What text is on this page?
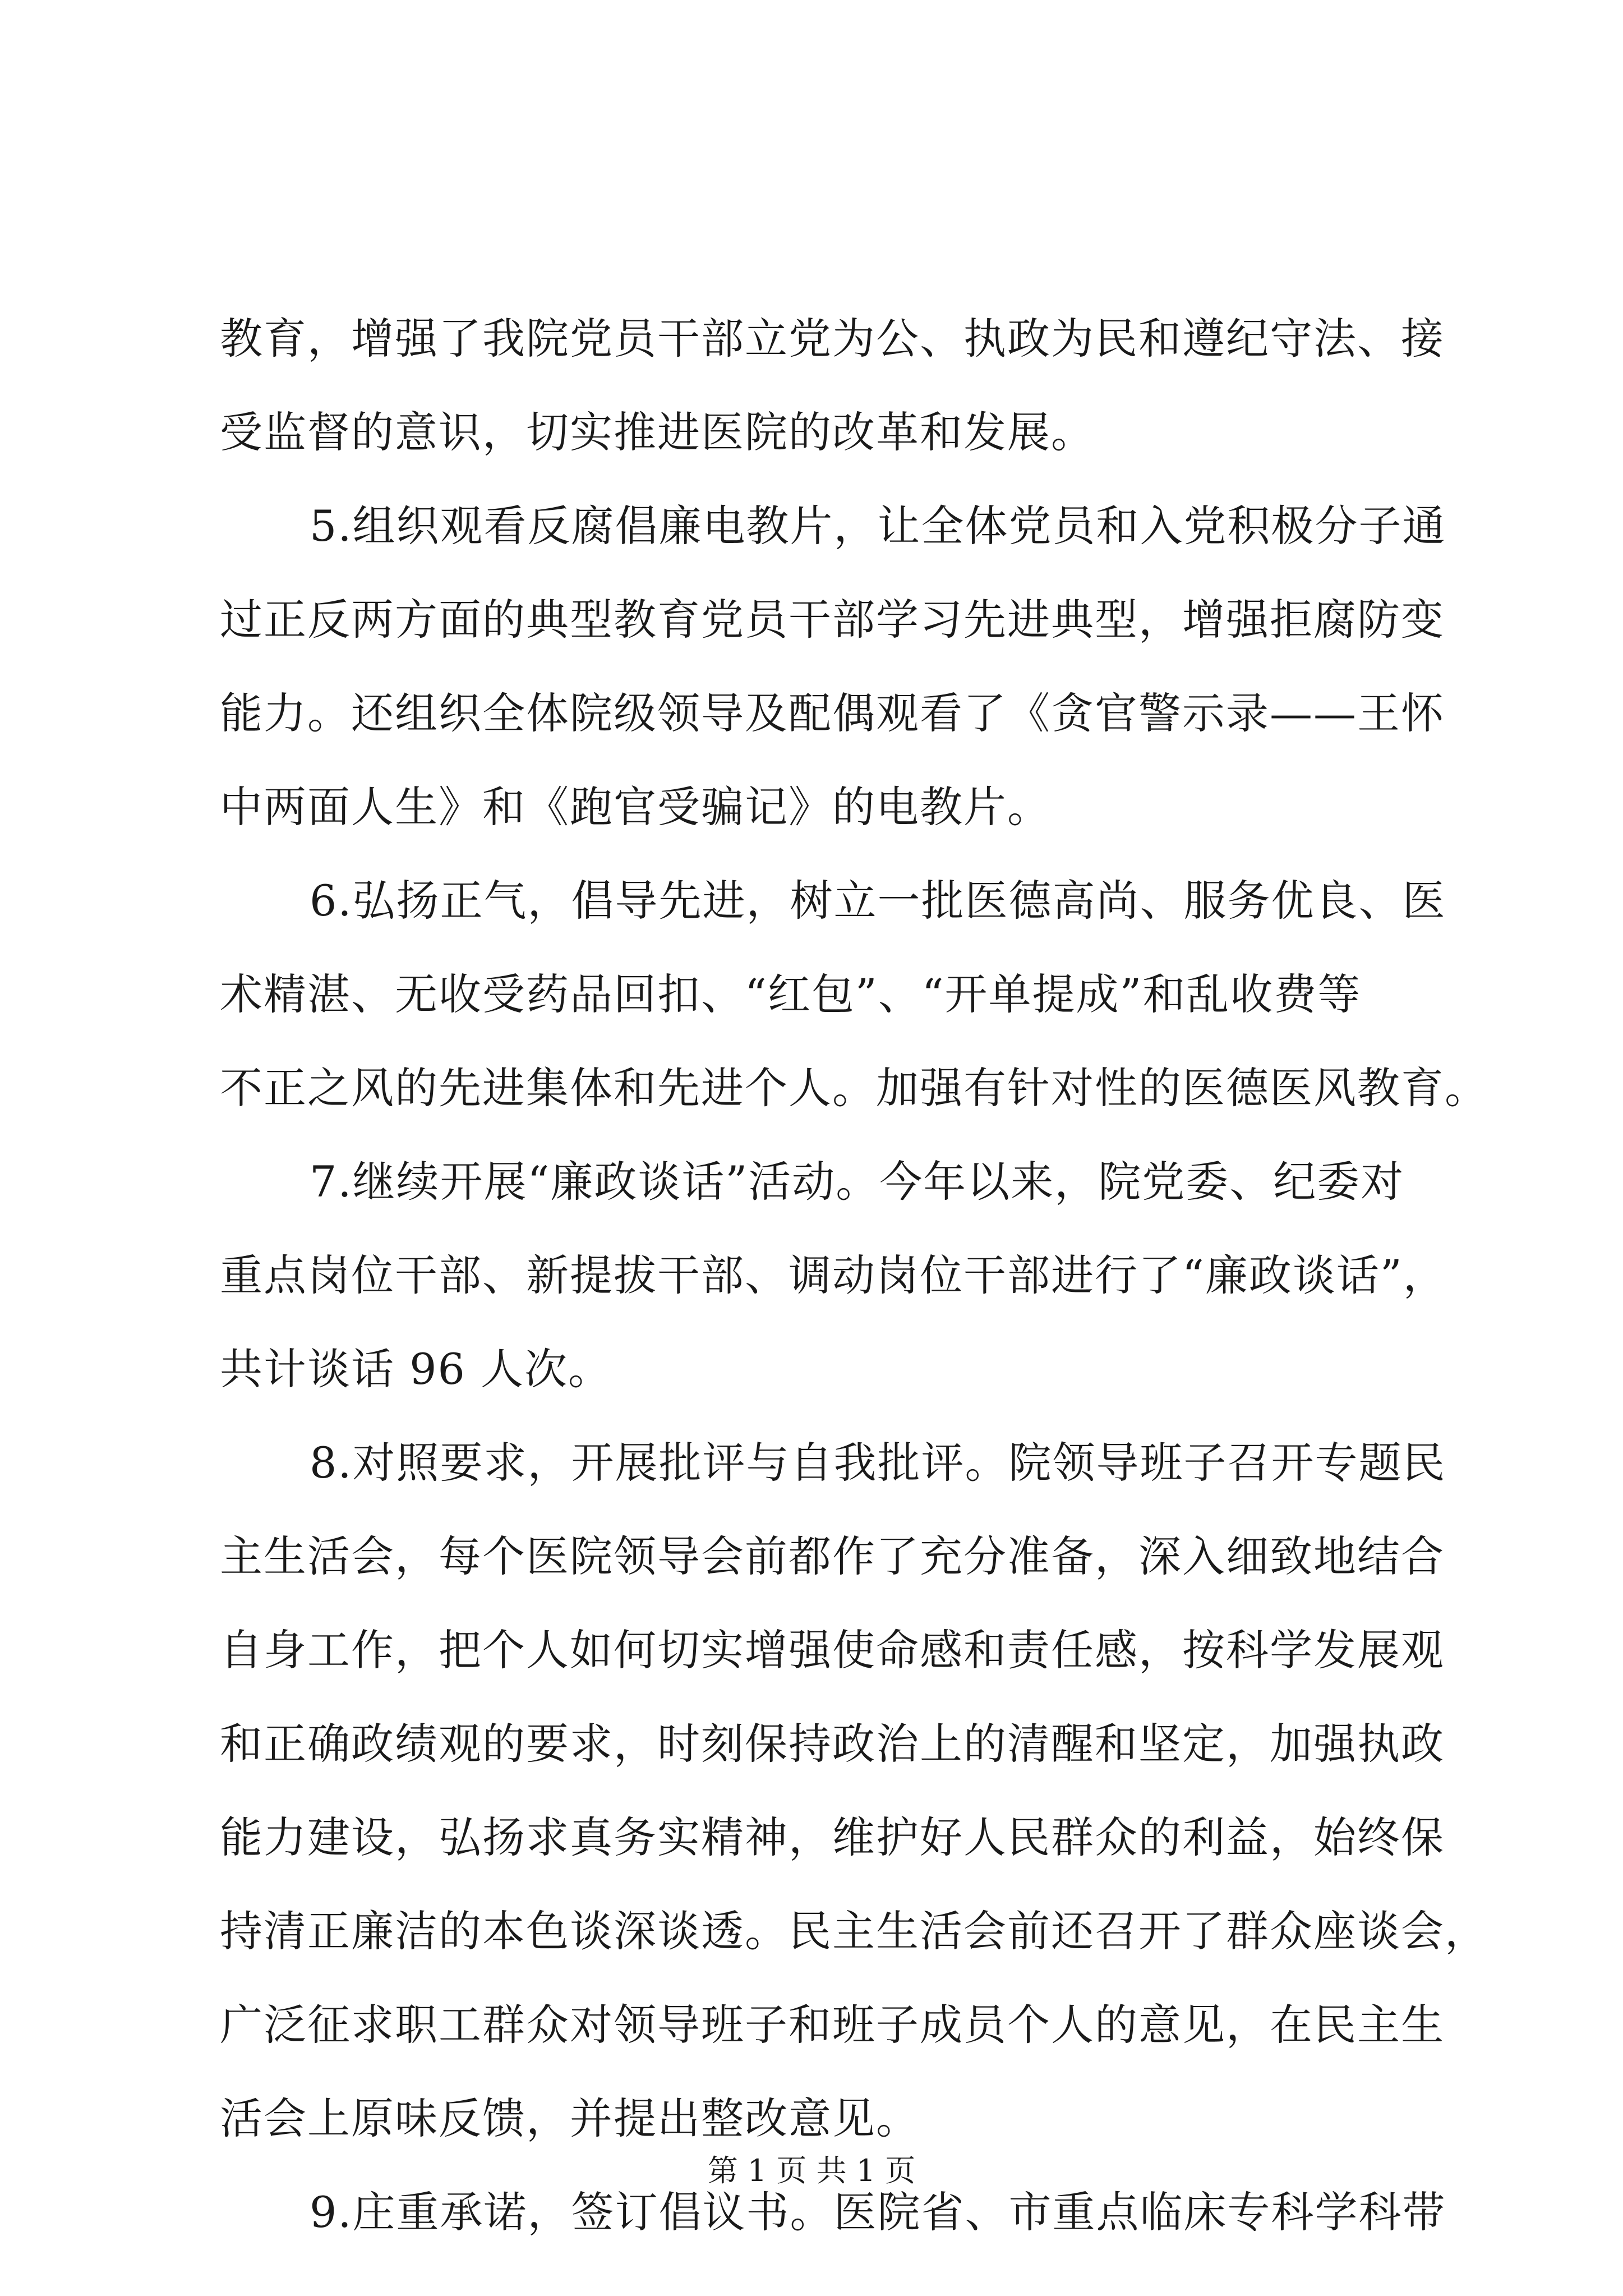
教育，增强了我院党员干部立党为公、执政为民和遵纪守法、接
受监督的意识，切实推进医院的改革和发展。
5.组织观看反腐倡廉电教片，让全体党员和入党积极分子通
过正反两方面的典型教育党员干部学习先进典型，增强拒腐防变
能力。还组织全体院级领导及配偶观看了《贪官警示录——王怀
中两面人生》和《跑官受骗记》的电教片。
6.弘扬正气，倡导先进，树立一批医德高尚、服务优良、医
术精湛、无收受药品回扣、“红包”、“开单提成”和乱收费等
不正之风的先进集体和先进个人。加强有针对性的医德医风教育。
7.继续开展“廉政谈话”活动。今年以来，院党委、纪委对
重点岗位干部、新提拔干部、调动岗位干部进行了“廉政谈话”，
共计谈话 96 人次。
8.对照要求，开展批评与自我批评。院领导班子召开专题民
主生活会，每个医院领导会前都作了充分准备，深入细致地结合
自身工作，把个人如何切实增强使命感和责任感，按科学发展观
和正确政绩观的要求，时刻保持政治上的清醒和坚定，加强执政
能力建设，弘扬求真务实精神，维护好人民群众的利益，始终保
持清正廉洁的本色谈深谈透。民主生活会前还召开了群众座谈会，
广泛征求职工群众对领导班子和班子成员个人的意见，在民主生
活会上原味反馈，并提出整改意见。
9.庄重承诺，签订倡议书。医院省、市重点临床专科学科带
第 1 页 共 1 页
